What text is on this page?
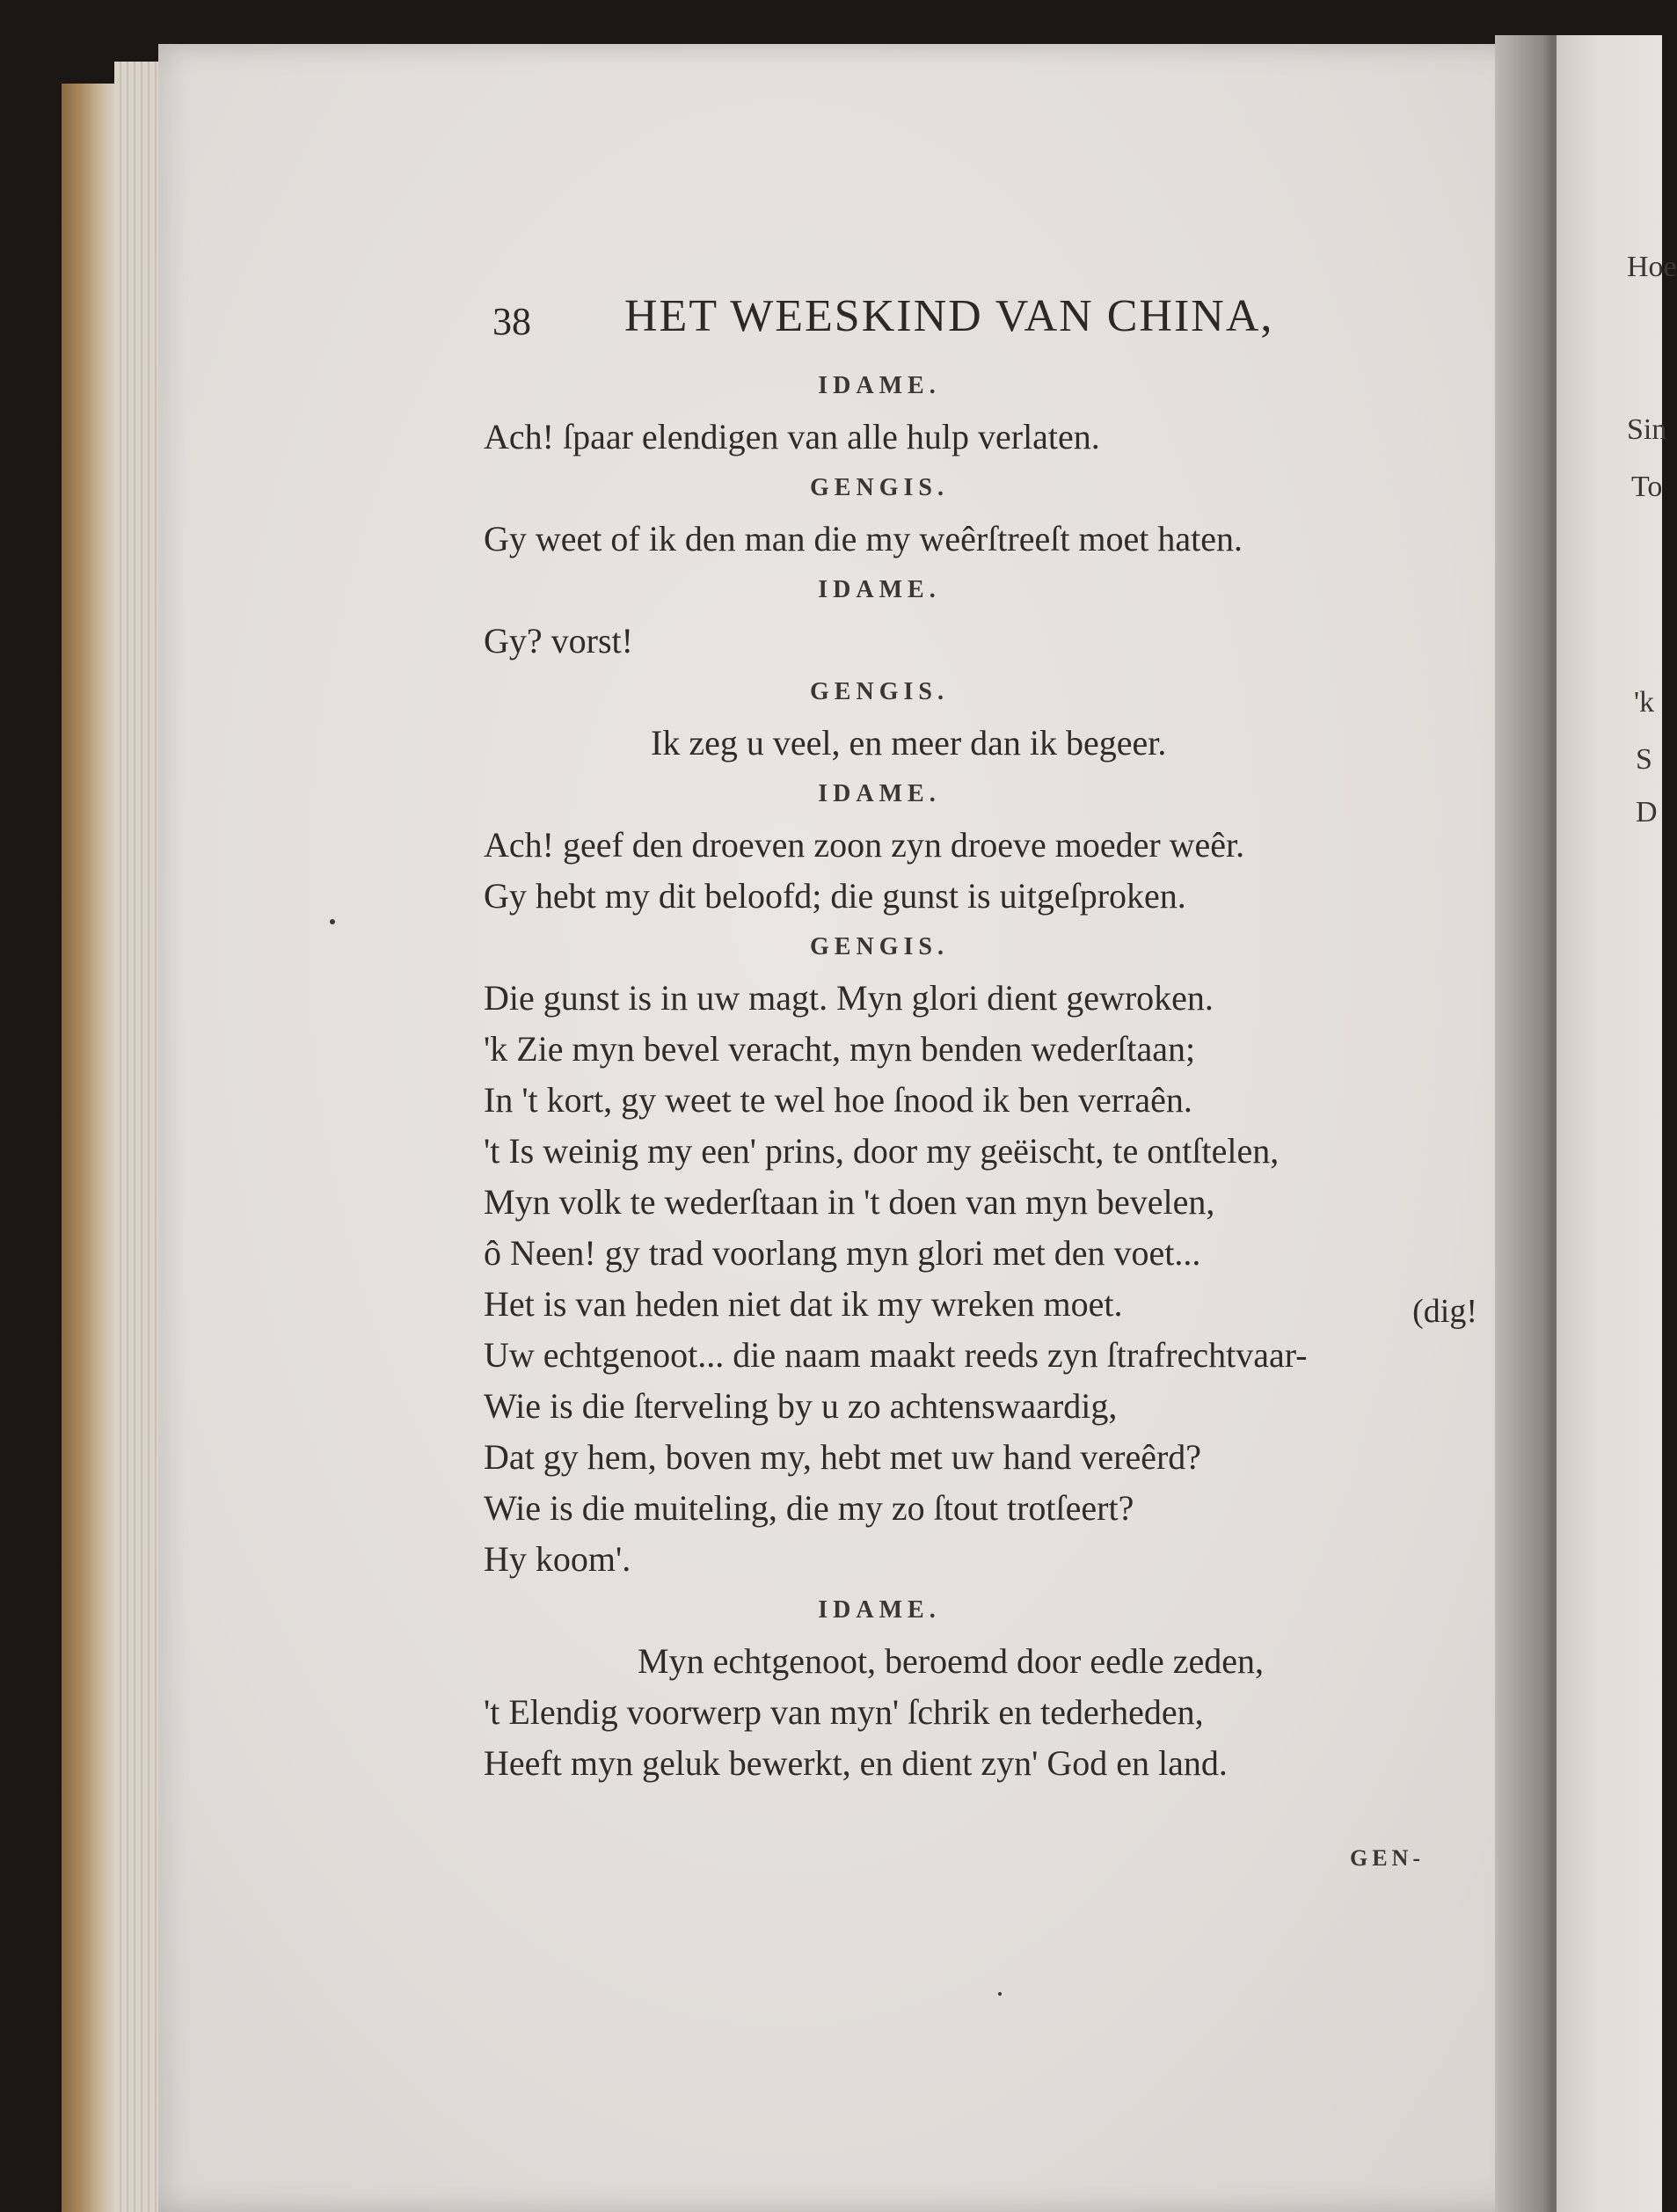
Hoe
Sin
To
'k
S
D
38 HET WEESKIND VAN CHINA,
IDAME.
Ach! ſpaar elendigen van alle hulp verlaten.
GENGIS.
Gy weet of ik den man die my weêrſtreeſt moet haten.
IDAME.
Gy? vorst!
GENGIS.
Ik zeg u veel, en meer dan ik begeer.
IDAME.
Ach! geef den droeven zoon zyn droeve moeder weêr.
Gy hebt my dit beloofd; die gunst is uitgeſproken.
GENGIS.
Die gunst is in uw magt. Myn glori dient gewroken.
'k Zie myn bevel veracht, myn benden wederſtaan;
In 't kort, gy weet te wel hoe ſnood ik ben verraên.
't Is weinig my een' prins, door my geëischt, te ontſtelen,
Myn volk te wederſtaan in 't doen van myn bevelen,
ô Neen! gy trad voorlang myn glori met den voet...
Het is van heden niet dat ik my wreken moet.	(dig!
Uw echtgenoot... die naam maakt reeds zyn ſtrafrechtvaar-
Wie is die ſterveling by u zo achtenswaardig,
Dat gy hem, boven my, hebt met uw hand vereêrd?
Wie is die muiteling, die my zo ſtout trotſeert?
Hy koom'.
IDAME.
Myn echtgenoot, beroemd door eedle zeden,
't Elendig voorwerp van myn' ſchrik en tederheden,
Heeft myn geluk bewerkt, en dient zyn' God en land.
GEN-
